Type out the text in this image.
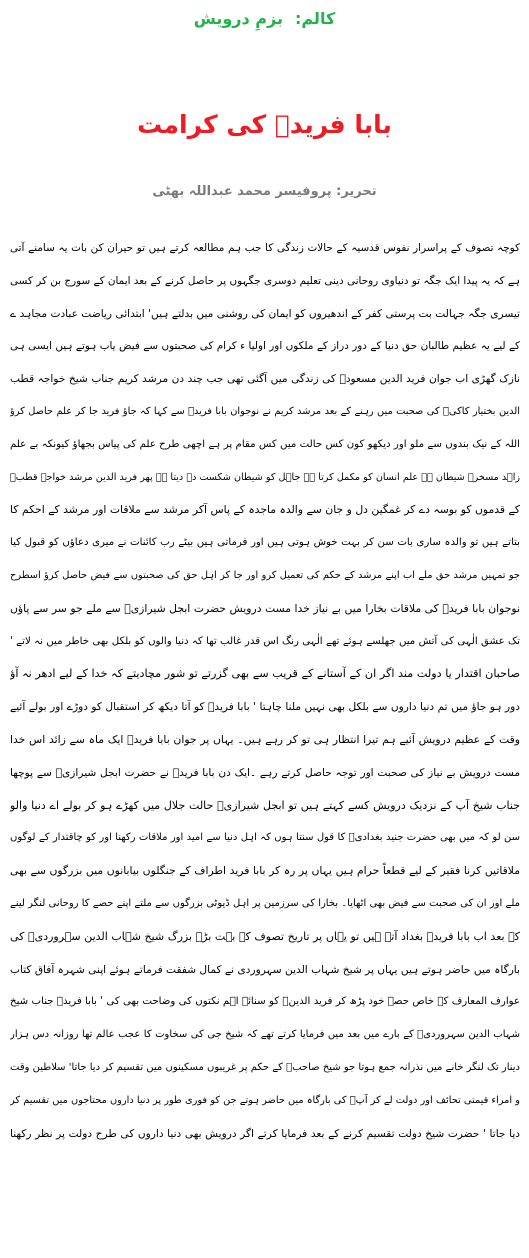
کالم:بزمِ درویش
بابا فریدؒ کی کرامت
تحریر: پروفیسر محمد عبداللہ بھٹی
کوچہ تصوف کے پراسرار نفوس قدسیہ کے حالات زندگی کا جب ہم مطالعہ کرتے ہیں تو حیران کن بات یہ سامنے آتی
ہے کہ یہ پیدا ایک جگہ تو دنیاوی روحانی دینی تعلیم دوسری جگہوں پر حاصل کرنے کے بعد ایمان کے سورج بن کر کسی
تیسری جگہ جہالت بت پرستی کفر کے اندھیروں کو ایمان کی روشنی میں بدلتے ہیں' ابتدائی ریاضت عبادت مجاہد ے
کے لیے یہ عظیم طالبان حق دنیا کے دور دراز کے ملکوں اور اولیا ء کرام کی صحبتوں سے فیض یاب ہوتے ہیں ایسی ہی
نازک گھڑی اب جوان فرید الدین مسعودؒ کی زندگی میں آگئی تھی جب چند دن مرشد کریم جناب شیخ خواجہ قطب
الدین بختیار کاکیؒ کی صحبت میں رہنے کے بعد مرشد کریم نے نوجوان بابا فریدؒ سے کہا کہ جاؤ فرید جا کر علم حاصل کرؤ
اللہ کے نیک بندوں سے ملو اور دیکھو کون کس حالت میں کس مقام پر ہے اچھی طرح علم کی پیاس بجھاؤ کیونکہ بے علم
زاہد مسخرہ شیطان ہے علم انسان کو مکمل کرتا ہے جاہل کو شیطان شکست دے دیتا ہے پھر فرید الدین مرشد خواجہ قطبؒ
کے قدموں کو بوسہ دے کر غمگین دل و جان سے والدہ ماجدہ کے پاس آکر مرشد سے ملاقات اور مرشد کے احکم کا
بتاتے ہیں تو والدہ ساری بات سن کر بہت خوش ہوتی ہیں اور فرماتی ہیں بیٹے رب کائنات نے میری دعاؤں کو قبول کیا
جو تمہیں مرشد حق ملے اب اپنے مرشد کے حکم کی تعمیل کرو اور جا کر اہل حق کی صحبتوں سے فیض حاصل کرؤ اسطرح
نوجوان بابا فریدؒ کی ملاقات بخارا میں بے نیاز خدا مست درویش حضرت ابجل شیرازیؒ سے ملے جو سر سے پاؤں
تک عشق الٰہی کی آتش میں جھلسے ہوئے تھے الٰہی رنگ اس قدر غالب تھا کہ دنیا والوں کو بلکل بھی خاطر میں نہ لاتے '
صاحبان اقتدار یا دولت مند اگر ان کے آستانے کے قریب سے بھی گزرتے تو شور مچادیتے کہ خدا کے لیے ادھر نہ آؤ
دور ہو جاؤ میں تم دنیا داروں سے بلکل بھی نہیں ملنا چاہتا ' بابا فریدؒ کو آتا دیکھ کر استقبال کو دوڑے اور بولے آئیے
وقت کے عظیم درویش آئیے ہم تیرا انتظار ہی تو کر رہے ہیں۔ یہاں پر جوان بابا فریدؒ ایک ماہ سے زائد اس خدا
مست درویش بے نیاز کی صحبت اور توجہ حاصل کرتے رہے ۔ایک دن بابا فریدؒ نے حضرت ابجل شیرازیؒ سے پوچھا
جناب شیخ آپ کے نزدیک درویش کسے کہتے ہیں تو ابجل شیرازیؒ حالت جلال میں کھڑے ہو کر بولے اے دنیا والو
سن لو کہ میں بھی حضرت جنید بغدادیؒ کا قول سنتا ہوں کہ اہل دنیا سے امید اور ملاقات رکھنا اور کو چاقتدار کے لوگوں
ملاقاتیں کرنا فقیر کے لیے قطعاً حرام ہیں یہاں پر رہ کر بابا فرید اطراف کے جنگلوں بیابانوں میں بزرگوں سے بھی
ملے اور ان کی صحبت سے فیض بھی اٹھایا۔ بخارا کی سرزمین پر اہل ڈیوٹی بزرگوں سے ملتے اپنے حصے کا روحانی لنگر لینے
کے بعد اب بابا فریدؒ بغداد آتے ہیں تو یہاں پر تاریخ تصوف کے بہت بڑے بزرگ شیخ شہاب الدین سہروردیؒ کی
بارگاہ میں حاضر ہوتے ہیں یہاں پر شیخ شہاب الدین سہروردی نے کمال شفقت فرماتے ہوئے اپنی شہرہ آفاق کتاب
عوارف المعارف کے خاص حصے خود پڑھ کر فرید الدینؒ کو سنائے اہم نکتوں کی وضاحت بھی کی ' بابا فریدؒ جناب شیخ
شہاب الدین سہروردیؒ کے بارے میں بعد میں فرمایا کرتے تھے کہ شیخ جی کی سخاوت کا عجب عالم تھا روزانہ دس ہزار
دینار تک لنگر خانے میں نذرانہ جمع ہوتا جو شیخ صاحبؒ کے حکم پر غریبوں مسکینوں میں تقسیم کر دیا جاتا' سلاطین وقت
و امراء قیمتی تحائف اور دولت لے کر آپؒ کی بارگاہ میں حاضر ہوتے جن کو فوری طور پر دنیا داروں محتاجوں میں تقسیم کر
دیا جاتا ' حضرت شیخ دولت تقسیم کرنے کے بعد فرمایا کرتے اگر درویش بھی دنیا داروں کی طرح دولت پر نظر رکھنا
